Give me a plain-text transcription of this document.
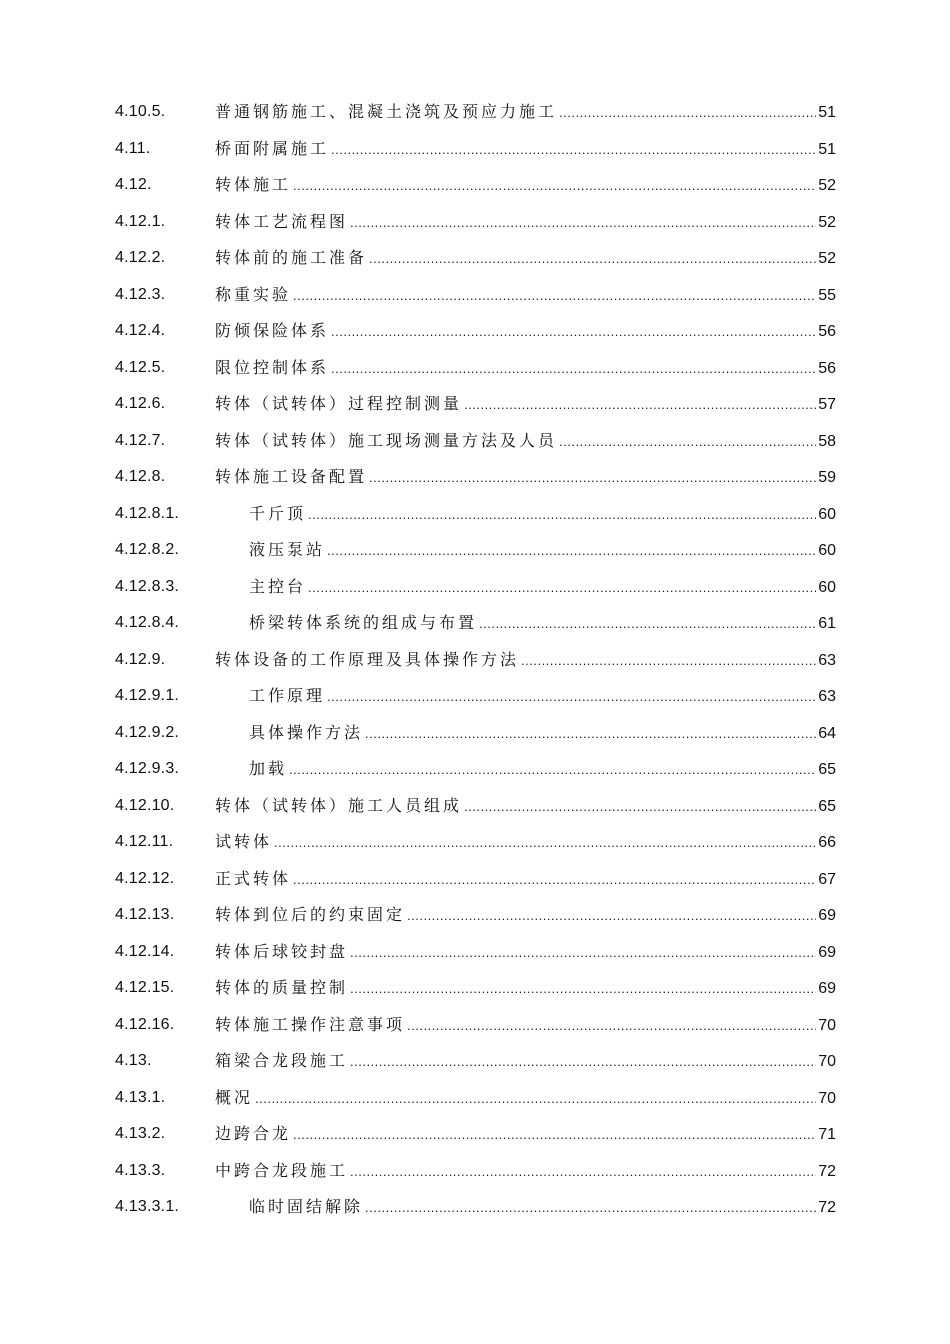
4.10.5.	普通钢筋施工、混凝土浇筑及预应力施工 .....	51
4.11.	桥面附属施工 .....	51
4.12.	转体施工 .....	52
4.12.1.	转体工艺流程图 .....	52
4.12.2.	转体前的施工准备 .....	52
4.12.3.	称重实验 .....	55
4.12.4.	防倾保险体系 .....	56
4.12.5.	限位控制体系 .....	56
4.12.6.	转体（试转体）过程控制测量 .....	57
4.12.7.	转体（试转体）施工现场测量方法及人员 .....	58
4.12.8.	转体施工设备配置 .....	59
4.12.8.1.	千斤顶 .....	60
4.12.8.2.	液压泵站 .....	60
4.12.8.3.	主控台 .....	60
4.12.8.4.	桥梁转体系统的组成与布置 .....	61
4.12.9.	转体设备的工作原理及具体操作方法 .....	63
4.12.9.1.	工作原理 .....	63
4.12.9.2.	具体操作方法 .....	64
4.12.9.3.	加载 .....	65
4.12.10.	转体（试转体）施工人员组成 .....	65
4.12.11.	试转体 .....	66
4.12.12.	正式转体 .....	67
4.12.13.	转体到位后的约束固定 .....	69
4.12.14.	转体后球铰封盘 .....	69
4.12.15.	转体的质量控制 .....	69
4.12.16.	转体施工操作注意事项 .....	70
4.13.	箱梁合龙段施工 .....	70
4.13.1.	概况 .....	70
4.13.2.	边跨合龙 .....	71
4.13.3.	中跨合龙段施工 .....	72
4.13.3.1.	临时固结解除 .....	72
